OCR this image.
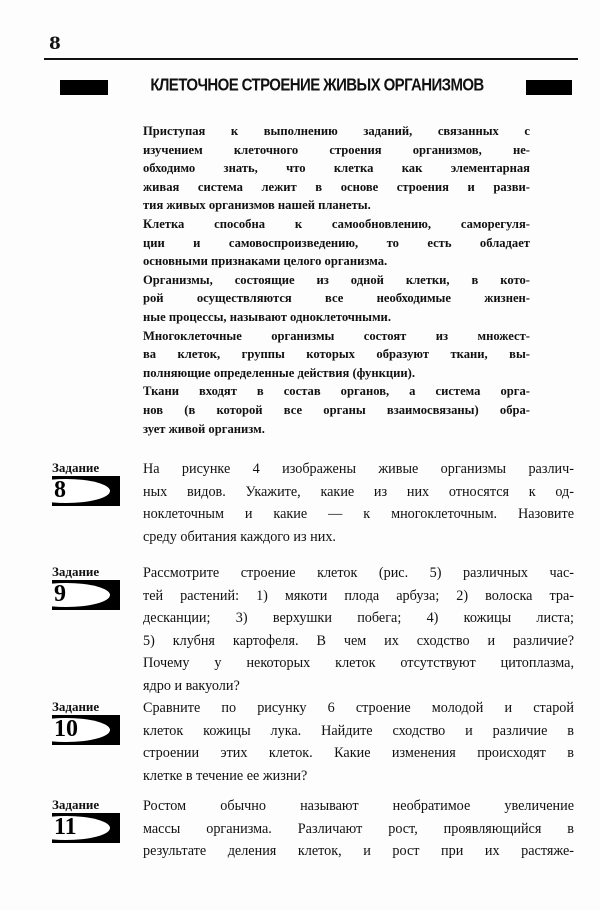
8
КЛЕТОЧНОЕ СТРОЕНИЕ ЖИВЫХ ОРГАНИЗМОВ
Приступая к выполнению заданий, связанных с
изучением клеточного строения организмов, не-
обходимо знать, что клетка как элементарная
живая система лежит в основе строения и разви-
тия живых организмов нашей планеты.
Клетка способна к самообновлению, саморегуля-
ции и самовоспроизведению, то есть обладает
основными признаками целого организма.
Организмы, состоящие из одной клетки, в кото-
рой осуществляются все необходимые жизнен-
ные процессы, называют одноклеточными.
Многоклеточные организмы состоят из множест-
ва клеток, группы которых образуют ткани, вы-
полняющие определенные действия (функции).
Ткани входят в состав органов, а система орга-
нов (в которой все органы взаимосвязаны) обра-
зует живой организм.
Задание
8
На рисунке 4 изображены живые организмы различ-
ных видов. Укажите, какие из них относятся к од-
ноклеточным и какие — к многоклеточным. Назовите
среду обитания каждого из них.
Задание
9
Рассмотрите строение клеток (рис. 5) различных час-
тей растений: 1) мякоти плода арбуза; 2) волоска тра-
десканции; 3) верхушки побега; 4) кожицы листа;
5) клубня картофеля. В чем их сходство и различие?
Почему у некоторых клеток отсутствуют цитоплазма,
ядро и вакуоли?
Задание
10
Сравните по рисунку 6 строение молодой и старой
клеток кожицы лука. Найдите сходство и различие в
строении этих клеток. Какие изменения происходят в
клетке в течение ее жизни?
Задание
11
Ростом обычно называют необратимое увеличение
массы организма. Различают рост, проявляющийся в
результате деления клеток, и рост при их растяже-
